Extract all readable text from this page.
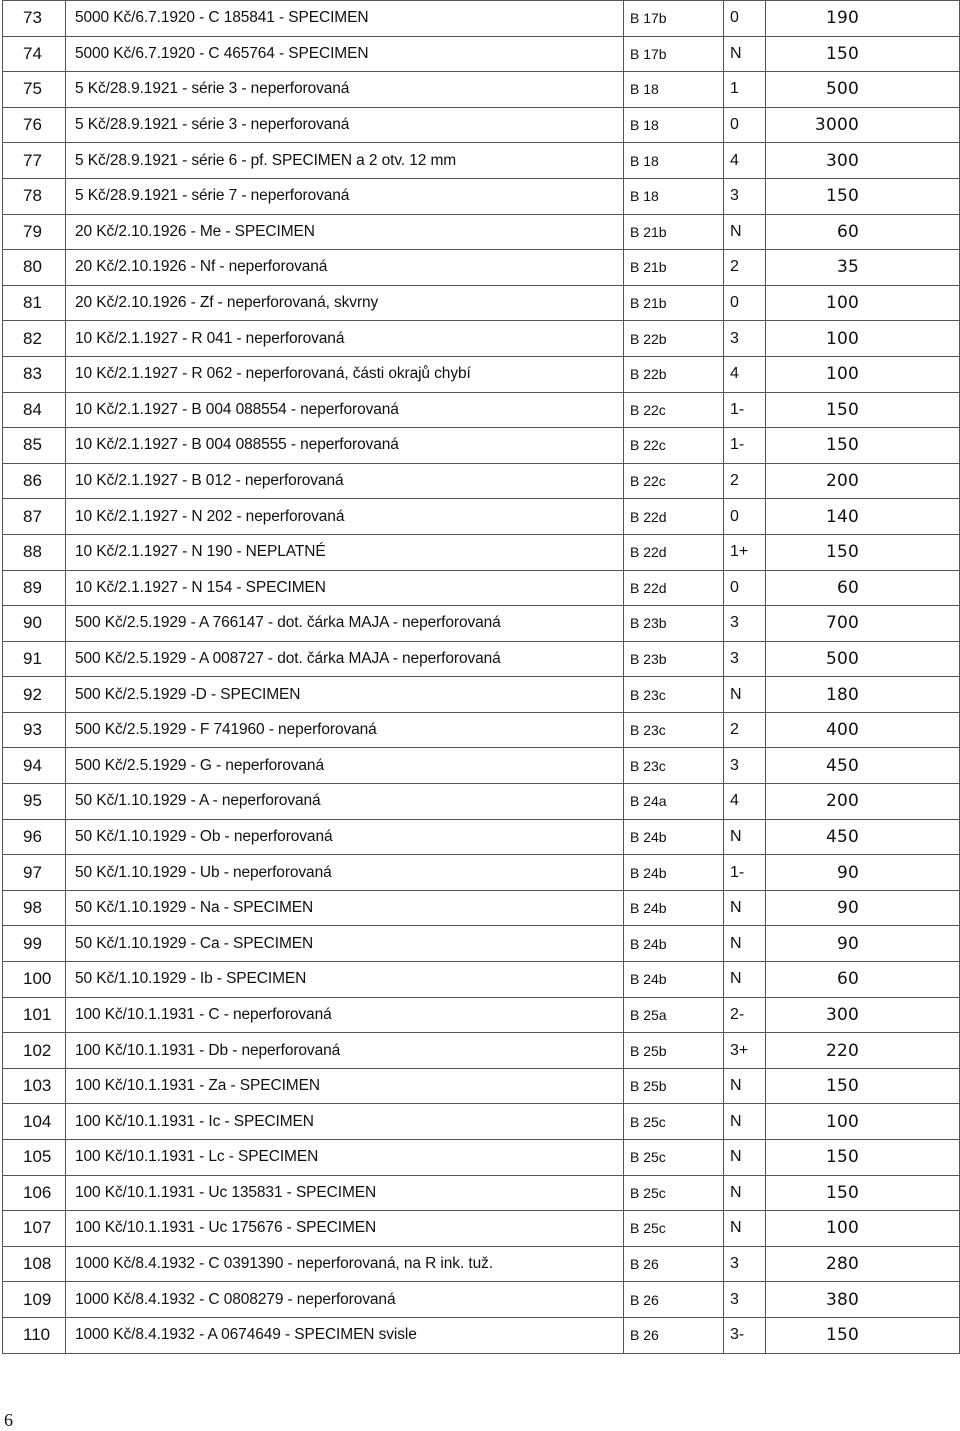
73	5000 Kč/6.7.1920 - C 185841 - SPECIMEN	B 17b	0	190
74	5000 Kč/6.7.1920 - C 465764 - SPECIMEN	B 17b	N	150
75	5 Kč/28.9.1921 - série 3 - neperforovaná	B 18	1	500
76	5 Kč/28.9.1921 - série 3 - neperforovaná	B 18	0	3000
77	5 Kč/28.9.1921 - série 6 - pf. SPECIMEN a 2 otv. 12 mm	B 18	4	300
78	5 Kč/28.9.1921 - série 7 - neperforovaná	B 18	3	150
79	20 Kč/2.10.1926 - Me - SPECIMEN	B 21b	N	60
80	20 Kč/2.10.1926 - Nf - neperforovaná	B 21b	2	35
81	20 Kč/2.10.1926 - Zf - neperforovaná, skvrny	B 21b	0	100
82	10 Kč/2.1.1927 - R 041 - neperforovaná	B 22b	3	100
83	10 Kč/2.1.1927 - R 062 - neperforovaná, části okrajů chybí	B 22b	4	100
84	10 Kč/2.1.1927 - B 004 088554 - neperforovaná	B 22c	1-	150
85	10 Kč/2.1.1927 - B 004 088555 - neperforovaná	B 22c	1-	150
86	10 Kč/2.1.1927 - B 012 - neperforovaná	B 22c	2	200
87	10 Kč/2.1.1927 - N 202 - neperforovaná	B 22d	0	140
88	10 Kč/2.1.1927 - N 190 - NEPLATNÉ	B 22d	1+	150
89	10 Kč/2.1.1927 - N 154 - SPECIMEN	B 22d	0	60
90	500 Kč/2.5.1929 - A 766147 - dot. čárka MAJA - neperforovaná	B 23b	3	700
91	500 Kč/2.5.1929 - A 008727 - dot. čárka MAJA - neperforovaná	B 23b	3	500
92	500 Kč/2.5.1929 -D - SPECIMEN	B 23c	N	180
93	500 Kč/2.5.1929 - F 741960 - neperforovaná	B 23c	2	400
94	500 Kč/2.5.1929 - G - neperforovaná	B 23c	3	450
95	50 Kč/1.10.1929 - A - neperforovaná	B 24a	4	200
96	50 Kč/1.10.1929 - Ob - neperforovaná	B 24b	N	450
97	50 Kč/1.10.1929 - Ub - neperforovaná	B 24b	1-	90
98	50 Kč/1.10.1929 - Na - SPECIMEN	B 24b	N	90
99	50 Kč/1.10.1929 - Ca - SPECIMEN	B 24b	N	90
100	50 Kč/1.10.1929 - Ib - SPECIMEN	B 24b	N	60
101	100 Kč/10.1.1931 - C - neperforovaná	B 25a	2-	300
102	100 Kč/10.1.1931 - Db - neperforovaná	B 25b	3+	220
103	100 Kč/10.1.1931 - Za - SPECIMEN	B 25b	N	150
104	100 Kč/10.1.1931 - Ic - SPECIMEN	B 25c	N	100
105	100 Kč/10.1.1931 - Lc - SPECIMEN	B 25c	N	150
106	100 Kč/10.1.1931 - Uc 135831 - SPECIMEN	B 25c	N	150
107	100 Kč/10.1.1931 - Uc 175676 - SPECIMEN	B 25c	N	100
108	1000 Kč/8.4.1932 - C 0391390 - neperforovaná, na R ink. tuž.	B 26	3	280
109	1000 Kč/8.4.1932 - C 0808279 - neperforovaná	B 26	3	380
110	1000 Kč/8.4.1932 - A 0674649 - SPECIMEN svisle	B 26	3-	150
6
